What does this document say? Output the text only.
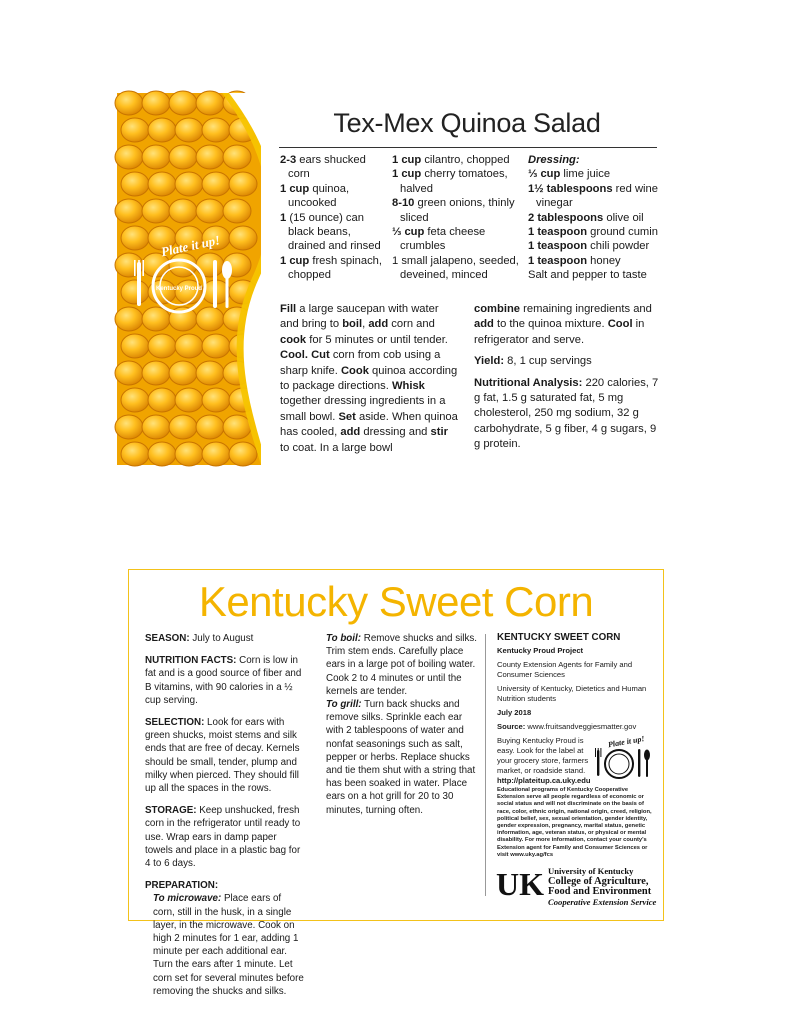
Plate it up!
Kentucky Proud
Tex-Mex Quinoa Salad
2-3 ears shucked corn
1 cup quinoa, uncooked
1 (15 ounce) can black beans, drained and rinsed
1 cup fresh spinach, chopped
1 cup cilantro, chopped
1 cup cherry tomatoes, halved
8-10 green onions, thinly sliced
⅓ cup feta cheese crumbles
1 small jalapeno, seeded, deveined, minced
Dressing:
⅓ cup lime juice
1½ tablespoons red wine vinegar
2 tablespoons olive oil
1 teaspoon ground cumin
1 teaspoon chili powder
1 teaspoon honey
Salt and pepper to taste
Fill a large saucepan with water and bring to boil, add corn and cook for 5 minutes or until tender. Cool. Cut corn from cob using a sharp knife. Cook quinoa according to package directions. Whisk together dressing ingredients in a small bowl. Set aside. When quinoa has cooled, add dressing and stir to coat. In a large bowl
combine remaining ingredients and add to the quinoa mixture. Cool in refrigerator and serve.
Yield: 8, 1 cup servings
Nutritional Analysis: 220 calories, 7 g fat, 1.5 g saturated fat, 5 mg cholesterol, 250 mg sodium, 32 g carbohydrate, 5 g fiber, 4 g sugars, 9 g protein.
Kentucky Sweet Corn
SEASON: July to August
NUTRITION FACTS: Corn is low in fat and is a good source of fiber and B vitamins, with 90 calories in a ½ cup serving.
SELECTION: Look for ears with green shucks, moist stems and silk ends that are free of decay. Kernels should be small, tender, plump and milky when pierced. They should fill up all the spaces in the rows.
STORAGE: Keep unshucked, fresh corn in the refrigerator until ready to use. Wrap ears in damp paper towels and place in a plastic bag for 4 to 6 days.
PREPARATION:
To microwave: Place ears of corn, still in the husk, in a single layer, in the microwave. Cook on high 2 minutes for 1 ear, adding 1 minute per each additional ear. Turn the ears after 1 minute. Let corn set for several minutes before removing the shucks and silks.
To boil: Remove shucks and silks. Trim stem ends. Carefully place ears in a large pot of boiling water. Cook 2 to 4 minutes or until the kernels are tender.
To grill: Turn back shucks and remove silks. Sprinkle each ear with 2 tablespoons of water and nonfat seasonings such as salt, pepper or herbs. Replace shucks and tie them shut with a string that has been soaked in water. Place ears on a hot grill for 20 to 30 minutes, turning often.
KENTUCKY SWEET CORN
Kentucky Proud Project
County Extension Agents for Family and Consumer Sciences
University of Kentucky, Dietetics and Human Nutrition students
July 2018
Source: www.fruitsandveggiesmatter.gov
Buying Kentucky Proud is easy. Look for the label at your grocery store, farmers market, or roadside stand. http://plateitup.ca.uky.edu
Plate it up!
Educational programs of Kentucky Cooperative Extension serve all people regardless of economic or social status and will not discriminate on the basis of race, color, ethnic origin, national origin, creed, religion, political belief, sex, sexual orientation, gender identity, gender expression, pregnancy, marital status, genetic information, age, veteran status, or physical or mental disability. For more information, contact your county's Extension agent for Family and Consumer Sciences or visit www.uky.ag/fcs
UK University of Kentucky
College of Agriculture,
Food and Environment
Cooperative Extension Service
